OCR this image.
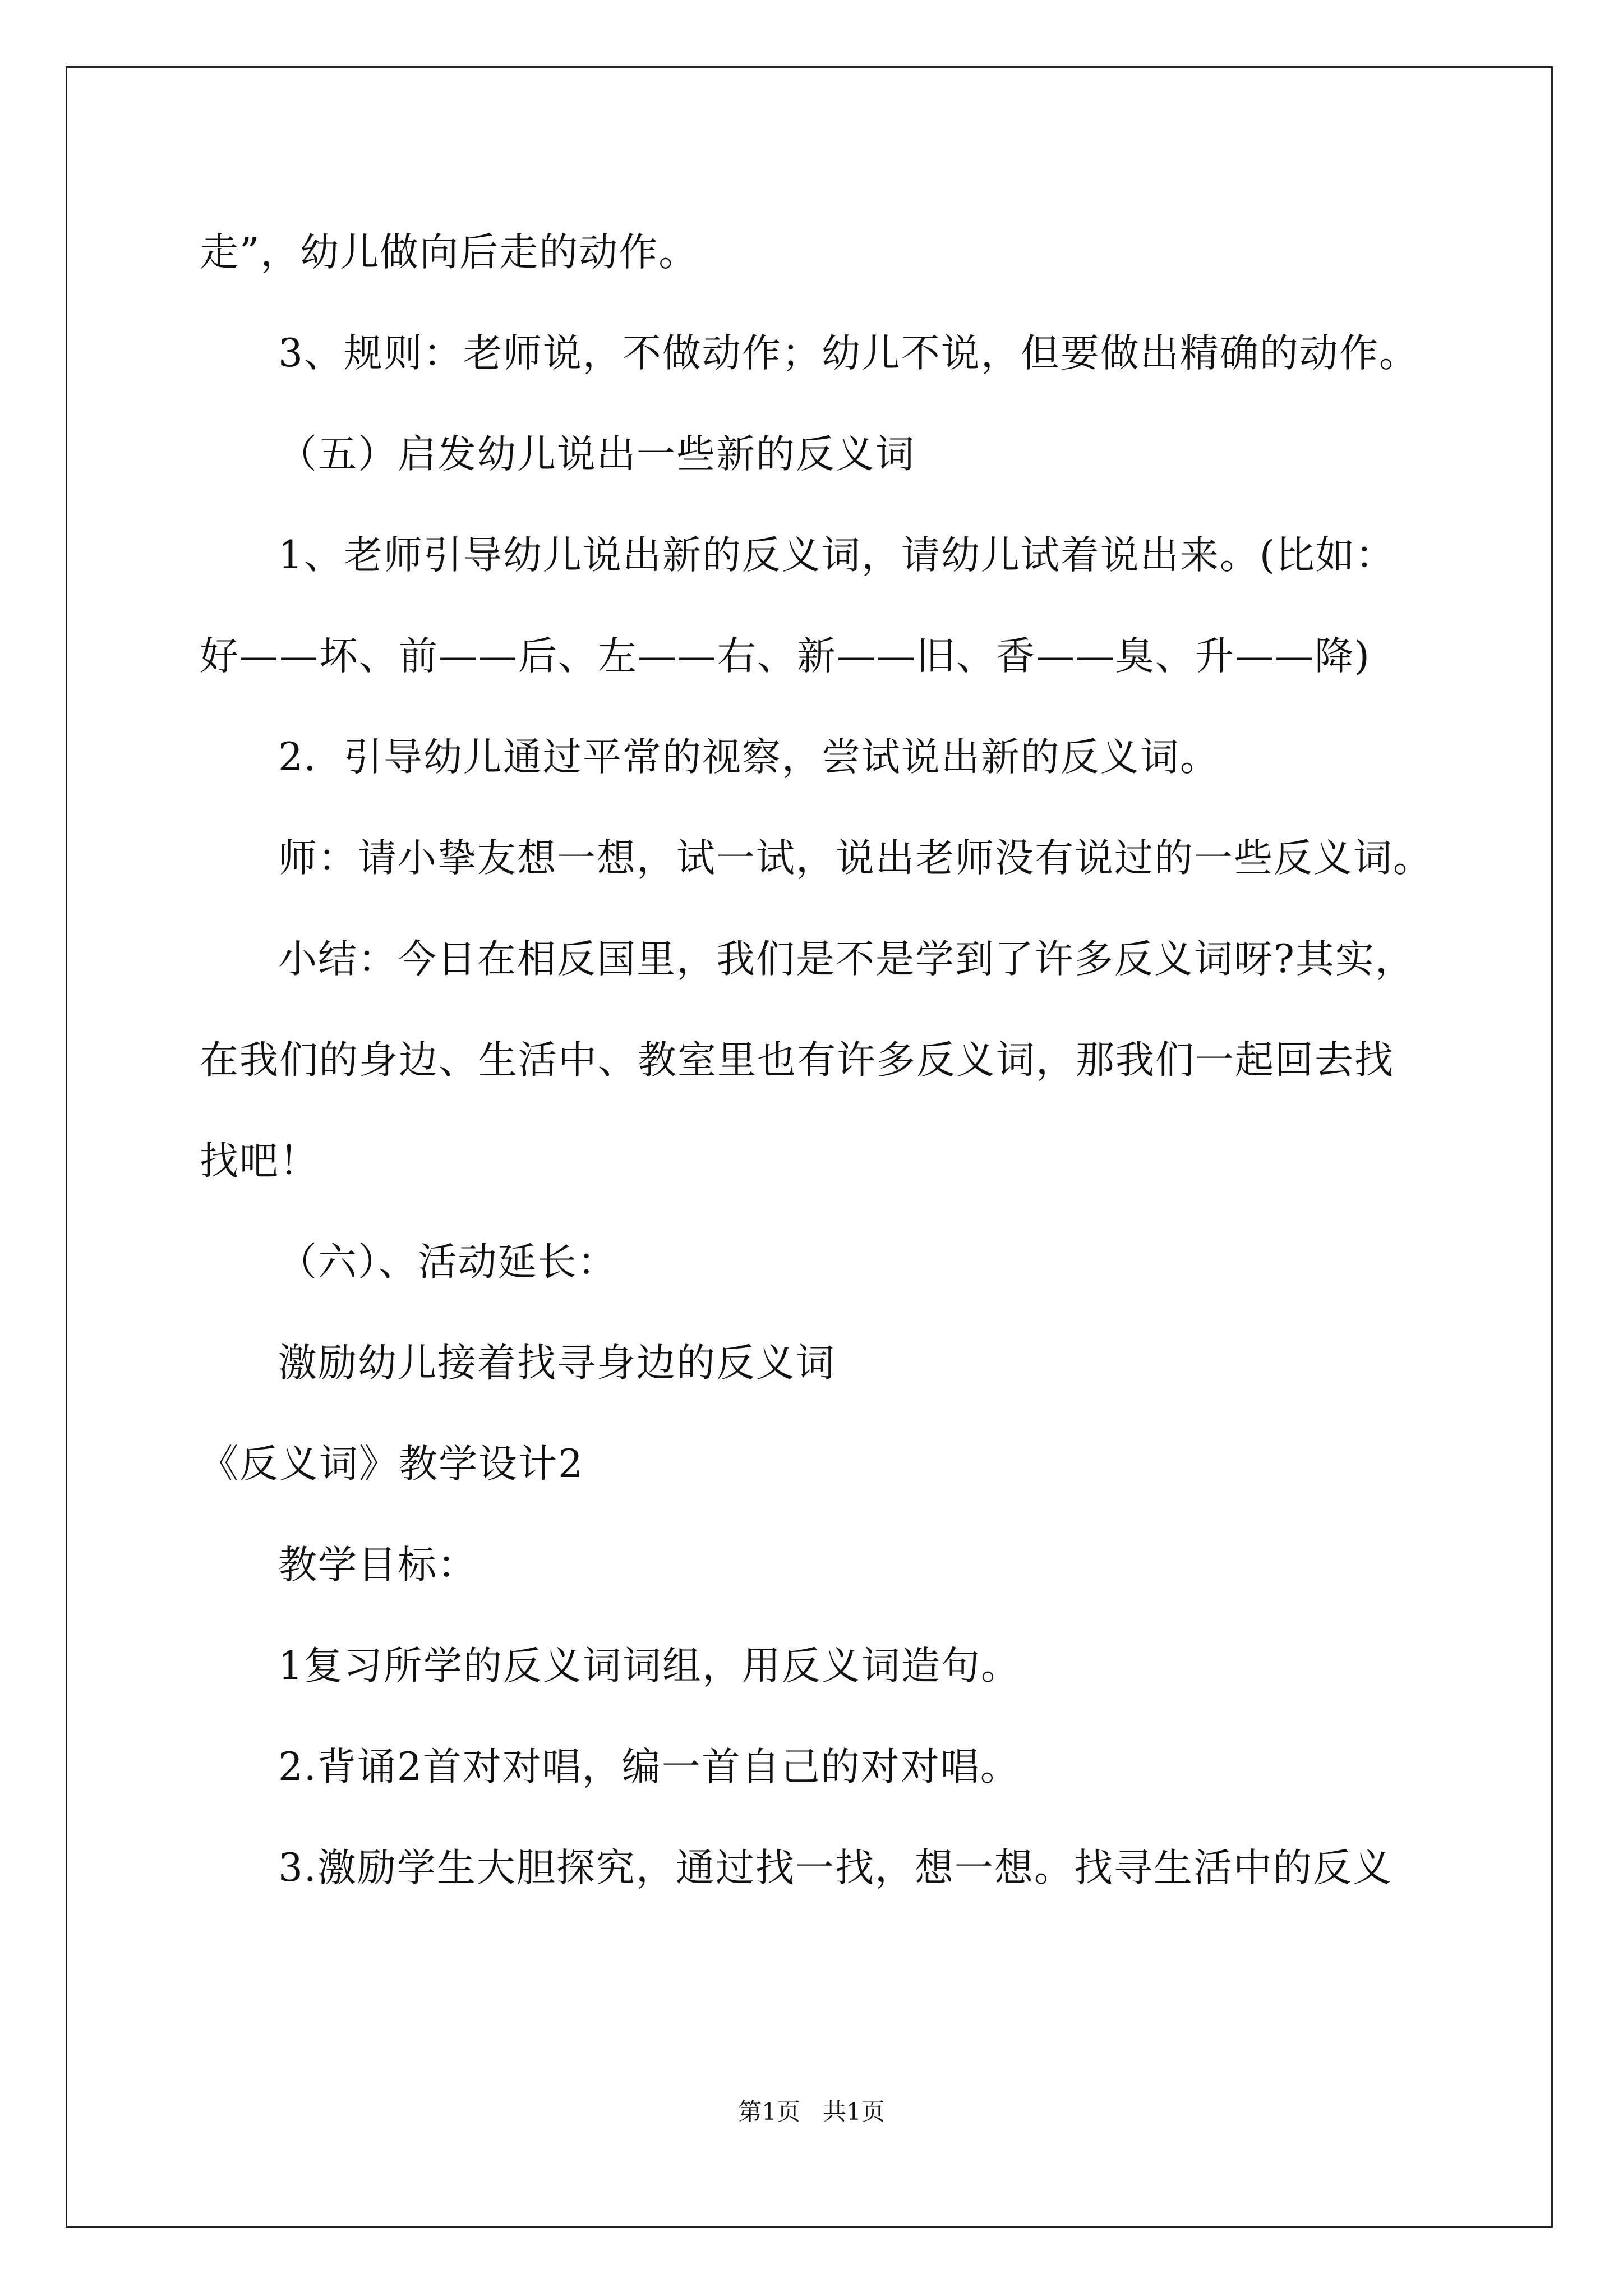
走”，幼儿做向后走的动作。
3、规则：老师说，不做动作；幼儿不说，但要做出精确的动作。
（五）启发幼儿说出一些新的反义词
1、老师引导幼儿说出新的反义词，请幼儿试着说出来。(比如：
好——坏、前——后、左——右、新——旧、香——臭、升——降)
2．引导幼儿通过平常的视察，尝试说出新的反义词。
师：请小挚友想一想，试一试，说出老师没有说过的一些反义词。
小结：今日在相反国里，我们是不是学到了许多反义词呀?其实，
在我们的身边、生活中、教室里也有许多反义词，那我们一起回去找
找吧！
（六）、活动延长：
激励幼儿接着找寻身边的反义词
《反义词》教学设计2
教学目标：
1复习所学的反义词词组，用反义词造句。
2.背诵2首对对唱，编一首自己的对对唱。
3.激励学生大胆探究，通过找一找，想一想。找寻生活中的反义
第1页   共1页
